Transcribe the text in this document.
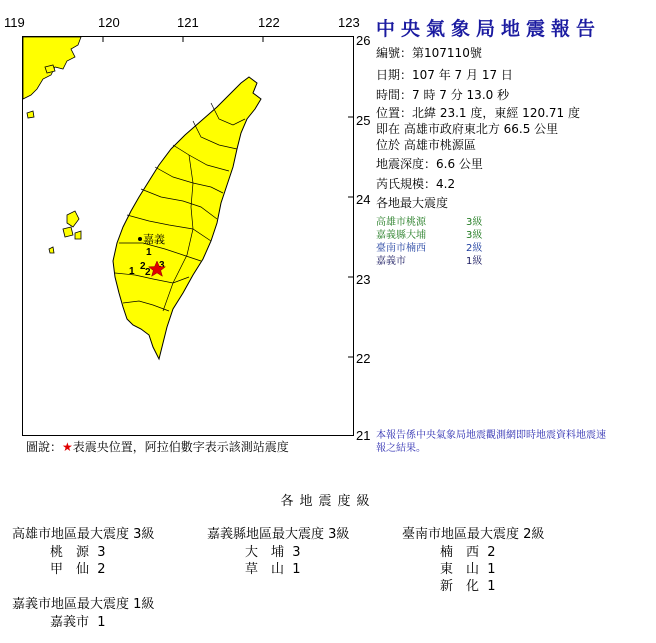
119	120	121	122	123
26
25
24
23
22
21
嘉義
3
2
1 2
1
中央氣象局地震報告
編號：第107110號
日期：107 年 7 月 17 日
時間：7 時 7 分 13.0 秒
位置：北緯 23.1 度，東經 120.71 度
即在 高雄市政府東北方 66.5 公里
位於 高雄市桃源區
地震深度：6.6 公里
芮氏規模：4.2
各地最大震度
高雄市桃源	3級
嘉義縣大埔	3級
臺南市楠西	2級
嘉義市	1級
本報告係中央氣象局地震觀測網即時地震資料地震速報之結果。
圖說：★表震央位置，阿拉伯數字表示該測站震度
各地震度級
高雄市地區最大震度 3級
桃　源 3
甲　仙 2
嘉義縣地區最大震度 3級
大　埔 3
草　山 1
臺南市地區最大震度 2級
楠　西 2
東　山 1
新　化 1
嘉義市地區最大震度 1級
嘉義市 1
